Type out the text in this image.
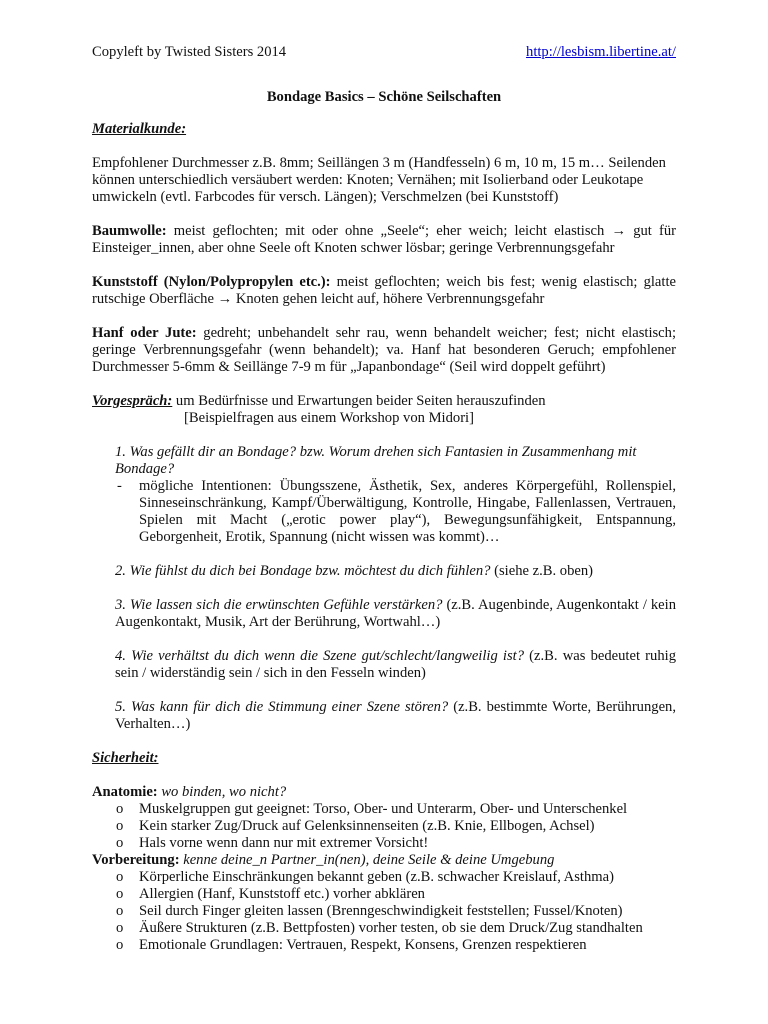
Copyleft by Twisted Sisters 2014	http://lesbism.libertine.at/
Bondage Basics – Schöne Seilschaften

Materialkunde:

Empfohlener Durchmesser z.B. 8mm; Seillängen 3 m (Handfesseln) 6 m, 10 m, 15 m… Seilenden können unterschiedlich versäubert werden: Knoten; Vernähen; mit Isolierband oder Leukotape umwickeln (evtl. Farbcodes für versch. Längen); Verschmelzen (bei Kunststoff)

Baumwolle: meist geflochten; mit oder ohne „Seele“; eher weich; leicht elastisch → gut für Einsteiger_innen, aber ohne Seele oft Knoten schwer lösbar; geringe Verbrennungsgefahr

Kunststoff (Nylon/Polypropylen etc.): meist geflochten; weich bis fest; wenig elastisch; glatte rutschige Oberfläche → Knoten gehen leicht auf, höhere Verbrennungsgefahr

Hanf oder Jute: gedreht; unbehandelt sehr rau, wenn behandelt weicher; fest; nicht elastisch; geringe Verbrennungsgefahr (wenn behandelt); va. Hanf hat besonderen Geruch; empfohlener Durchmesser 5-6mm & Seillänge 7-9 m für „Japanbondage“ (Seil wird doppelt geführt)

Vorgespräch: um Bedürfnisse und Erwartungen beider Seiten herauszufinden

[Beispielfragen aus einem Workshop von Midori]

1. Was gefällt dir an Bondage? bzw. Worum drehen sich Fantasien in Zusammenhang mit Bondage?

- mögliche Intentionen: Übungsszene, Ästhetik, Sex, anderes Körpergefühl, Rollenspiel, Sinneseinschränkung, Kampf/Überwältigung, Kontrolle, Hingabe, Fallenlassen, Vertrauen, Spielen mit Macht („erotic power play“), Bewegungsunfähigkeit, Entspannung, Geborgenheit, Erotik, Spannung (nicht wissen was kommt)…

2. Wie fühlst du dich bei Bondage bzw. möchtest du dich fühlen? (siehe z.B. oben)

3. Wie lassen sich die erwünschten Gefühle verstärken? (z.B. Augenbinde, Augenkontakt / kein Augenkontakt, Musik, Art der Berührung, Wortwahl…)

4. Wie verhältst du dich wenn die Szene gut/schlecht/langweilig ist? (z.B. was bedeutet ruhig sein / widerständig sein / sich in den Fesseln winden)

5. Was kann für dich die Stimmung einer Szene stören? (z.B. bestimmte Worte, Berührungen, Verhalten…)

Sicherheit:

Anatomie: wo binden, wo nicht?

o Muskelgruppen gut geeignet: Torso, Ober- und Unterarm, Ober- und Unterschenkel
o Kein starker Zug/Druck auf Gelenksinnenseiten (z.B. Knie, Ellbogen, Achsel)
o Hals vorne wenn dann nur mit extremer Vorsicht!

Vorbereitung: kenne deine_n Partner_in(nen), deine Seile & deine Umgebung

o Körperliche Einschränkungen bekannt geben (z.B. schwacher Kreislauf, Asthma)
o Allergien (Hanf, Kunststoff etc.) vorher abklären
o Seil durch Finger gleiten lassen (Brenngeschwindigkeit feststellen; Fussel/Knoten)
o Äußere Strukturen (z.B. Bettpfosten) vorher testen, ob sie dem Druck/Zug standhalten
o Emotionale Grundlagen: Vertrauen, Respekt, Konsens, Grenzen respektieren
